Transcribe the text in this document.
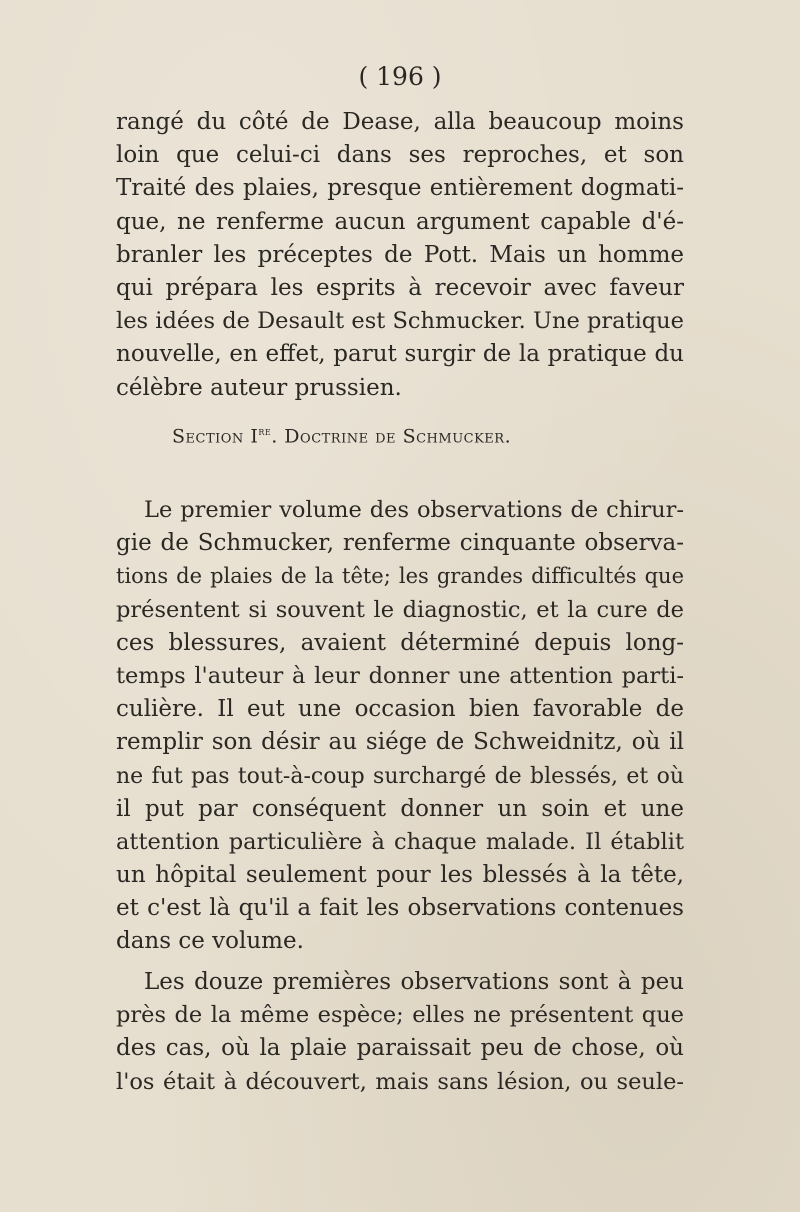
( 196 )
rangé du côté de Dease, alla beaucoup moins
loin que celui-ci dans ses reproches, et son
Traité des plaies, presque entièrement dogmati-
que, ne renferme aucun argument capable d'é-
branler les préceptes de Pott. Mais un homme
qui prépara les esprits à recevoir avec faveur
les idées de Desault est Schmucker. Une pratique
nouvelle, en effet, parut surgir de la pratique du
célèbre auteur prussien.
Section Ire. Doctrine de Schmucker.
Le premier volume des observations de chirur-
gie de Schmucker, renferme cinquante observa-
tions de plaies de la tête; les grandes difficultés que
présentent si souvent le diagnostic, et la cure de
ces blessures, avaient déterminé depuis long-
temps l'auteur à leur donner une attention parti-
culière. Il eut une occasion bien favorable de
remplir son désir au siége de Schweidnitz, où il
ne fut pas tout-à-coup surchargé de blessés, et où
il put par conséquent donner un soin et une
attention particulière à chaque malade. Il établit
un hôpital seulement pour les blessés à la tête,
et c'est là qu'il a fait les observations contenues
dans ce volume.
Les douze premières observations sont à peu
près de la même espèce; elles ne présentent que
des cas, où la plaie paraissait peu de chose, où
l'os était à découvert, mais sans lésion, ou seule-
